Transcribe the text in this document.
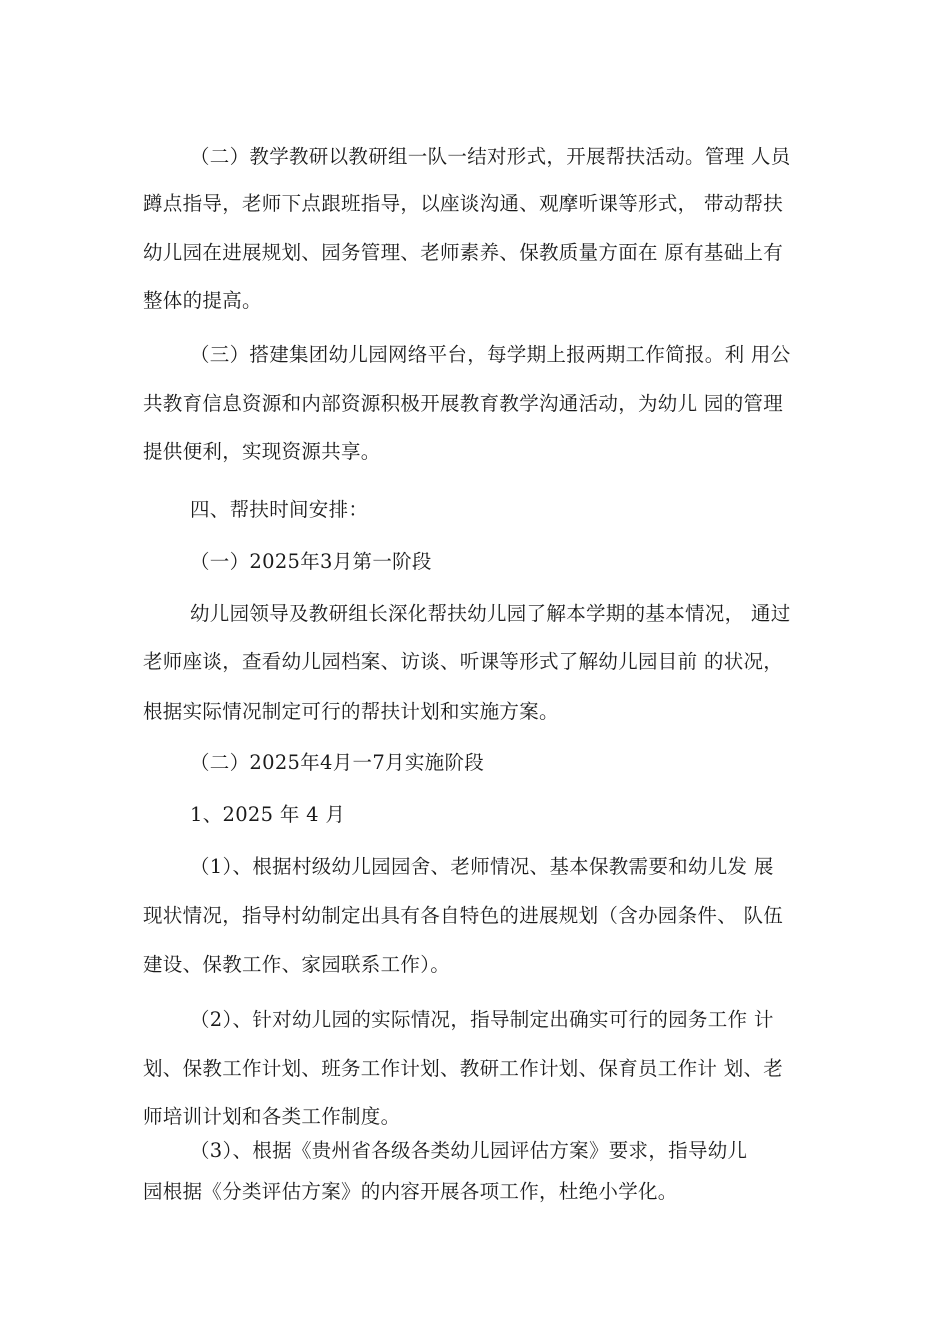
（二）教学教研以教研组一队一结对形式，开展帮扶活动。管理 人员
蹲点指导，老师下点跟班指导，以座谈沟通、观摩听课等形式， 带动帮扶
幼儿园在进展规划、园务管理、老师素养、保教质量方面在 原有基础上有
整体的提高。
（三）搭建集团幼儿园网络平台，每学期上报两期工作简报。利 用公
共教育信息资源和内部资源积极开展教育教学沟通活动，为幼儿 园的管理
提供便利，实现资源共享。
四、帮扶时间安排：
（一）2025年3月第一阶段
幼儿园领导及教研组长深化帮扶幼儿园了解本学期的基本情况， 通过
老师座谈，查看幼儿园档案、访谈、听课等形式了解幼儿园目前 的状况，
根据实际情况制定可行的帮扶计划和实施方案。
（二）2025年4月一7月实施阶段
1、2025 年 4 月
（1）、根据村级幼儿园园舍、老师情况、基本保教需要和幼儿发 展
现状情况，指导村幼制定出具有各自特色的进展规划（含办园条件、 队伍
建设、保教工作、家园联系工作）。
（2）、针对幼儿园的实际情况，指导制定出确实可行的园务工作 计
划、保教工作计划、班务工作计划、教研工作计划、保育员工作计 划、老
师培训计划和各类工作制度。
（3）、根据《贵州省各级各类幼儿园评估方案》要求，指导幼儿
园根据《分类评估方案》的内容开展各项工作，杜绝小学化。
